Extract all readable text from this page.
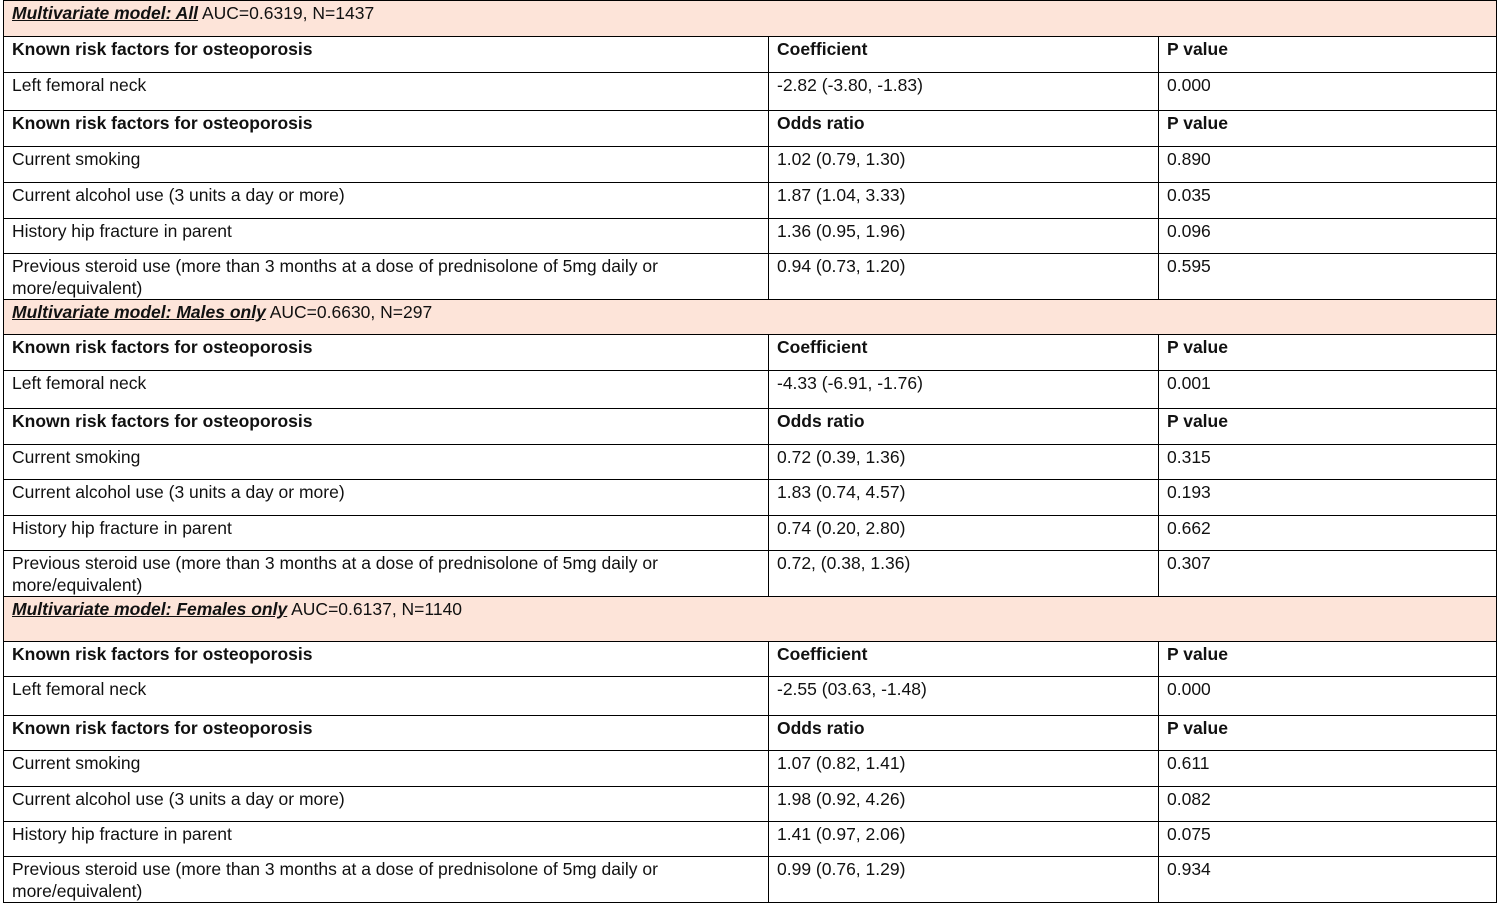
Multivariate model: All AUC=0.6319, N=1437		
Known risk factors for osteoporosis	Coefficient	P value
Left femoral neck	-2.82 (-3.80, -1.83)	0.000
Known risk factors for osteoporosis	Odds ratio	P value
Current smoking	1.02 (0.79, 1.30)	0.890
Current alcohol use (3 units a day or more)	1.87 (1.04, 3.33)	0.035
History hip fracture in parent	1.36 (0.95, 1.96)	0.096
Previous steroid use (more than 3 months at a dose of prednisolone of 5mg daily or more/equivalent)	0.94 (0.73, 1.20)	0.595
Multivariate model: Males only AUC=0.6630, N=297		
Known risk factors for osteoporosis	Coefficient	P value
Left femoral neck	-4.33 (-6.91, -1.76)	0.001
Known risk factors for osteoporosis	Odds ratio	P value
Current smoking	0.72 (0.39, 1.36)	0.315
Current alcohol use (3 units a day or more)	1.83 (0.74, 4.57)	0.193
History hip fracture in parent	0.74 (0.20, 2.80)	0.662
Previous steroid use (more than 3 months at a dose of prednisolone of 5mg daily or more/equivalent)	0.72, (0.38, 1.36)	0.307
Multivariate model: Females only AUC=0.6137, N=1140		
Known risk factors for osteoporosis	Coefficient	P value
Left femoral neck	-2.55 (03.63, -1.48)	0.000
Known risk factors for osteoporosis	Odds ratio	P value
Current smoking	1.07 (0.82, 1.41)	0.611
Current alcohol use (3 units a day or more)	1.98 (0.92, 4.26)	0.082
History hip fracture in parent	1.41 (0.97, 2.06)	0.075
Previous steroid use (more than 3 months at a dose of prednisolone of 5mg daily or more/equivalent)	0.99 (0.76, 1.29)	0.934
